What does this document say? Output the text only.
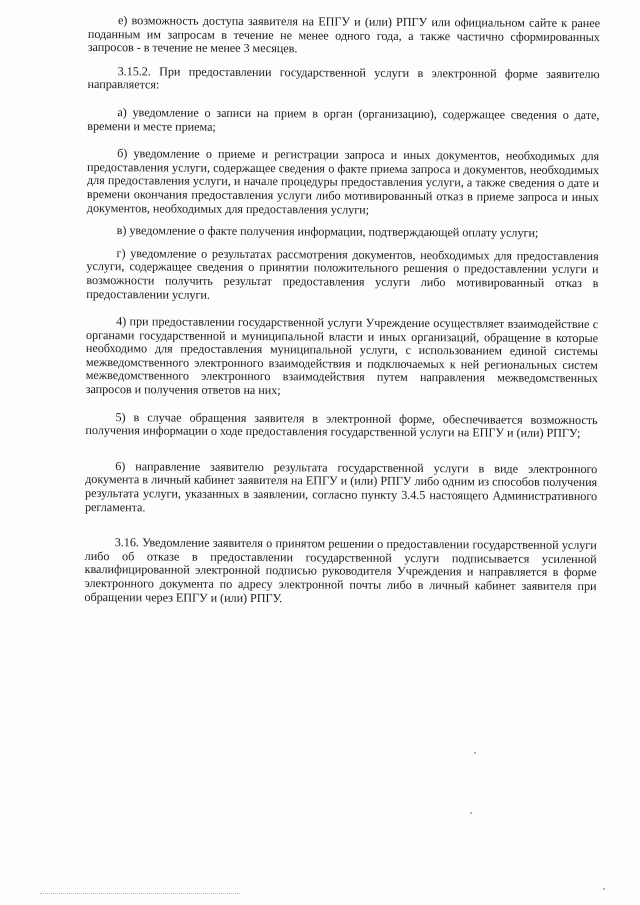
е) возможность доступа заявителя на ЕПГУ и (или) РПГУ или официальном сайте к ранее поданным им запросам в течение не менее одного года, а также частично сформированных запросов - в течение не менее 3 месяцев.

3.15.2. При предоставлении государственной услуги в электронной форме заявителю направляется:

а) уведомление о записи на прием в орган (организацию), содержащее сведения о дате, времени и месте приема;

б) уведомление о приеме и регистрации запроса и иных документов, необходимых для предоставления услуги, содержащее сведения о факте приема запроса и документов, необходимых для предоставления услуги, и начале процедуры предоставления услуги, а также сведения о дате и времени окончания предоставления услуги либо мотивированный отказ в приеме запроса и иных документов, необходимых для предоставления услуги;

в) уведомление о факте получения информации, подтверждающей оплату услуги;

г) уведомление о результатах рассмотрения документов, необходимых для предоставления услуги, содержащее сведения о принятии положительного решения о предоставлении услуги и возможности получить результат предоставления услуги либо мотивированный отказ в предоставлении услуги.

4) при предоставлении государственной услуги Учреждение осуществляет взаимодействие с органами государственной и муниципальной власти и иных организаций, обращение в которые необходимо для предоставления муниципальной услуги, с использованием единой системы межведомственного электронного взаимодействия и подключаемых к ней региональных систем межведомственного электронного взаимодействия путем направления межведомственных запросов и получения ответов на них;

5) в случае обращения заявителя в электронной форме, обеспечивается возможность получения информации о ходе предоставления государственной услуги на ЕПГУ и (или) РПГУ;

6) направление заявителю результата государственной услуги в виде электронного документа в личный кабинет заявителя на ЕПГУ и (или) РПГУ либо одним из способов получения результата услуги, указанных в заявлении, согласно пункту 3.4.5 настоящего Административного регламента.

3.16. Уведомление заявителя о принятом решении о предоставлении государственной услуги либо об отказе в предоставлении государственной услуги подписывается усиленной квалифицированной электронной подписью руководителя Учреждения и направляется в форме электронного документа по адресу электронной почты либо в личный кабинет заявителя при обращении через ЕПГУ и (или) РПГУ.
